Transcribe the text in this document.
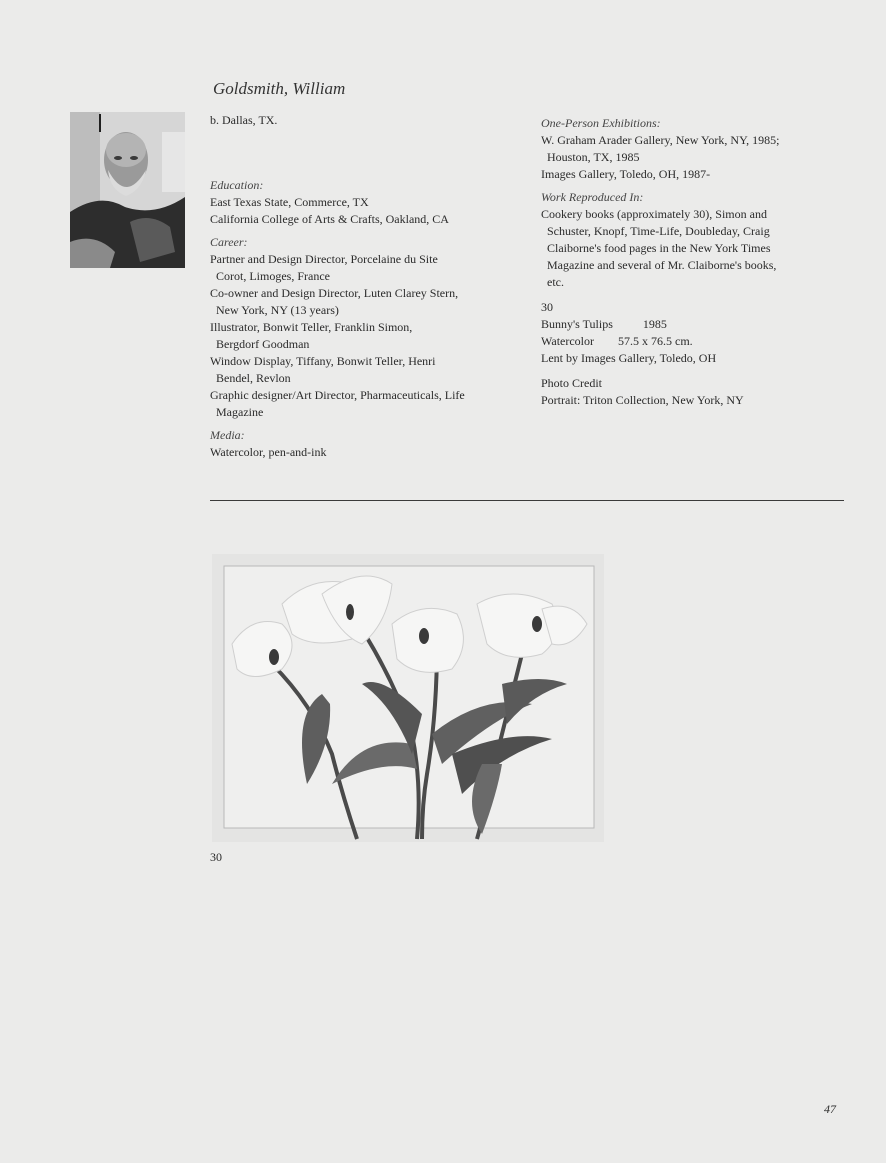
Goldsmith, William

b. Dallas, TX.

Education:

East Texas State, Commerce, TX

California College of Arts & Crafts, Oakland, CA

Career:

Partner and Design Director, Porcelaine du Site

Corot, Limoges, France

Co-owner and Design Director, Luten Clarey Stern,

New York, NY (13 years)

Illustrator, Bonwit Teller, Franklin Simon,

Bergdorf Goodman

Window Display, Tiffany, Bonwit Teller, Henri

Bendel, Revlon

Graphic designer/Art Director, Pharmaceuticals, Life

Magazine

Media:

Watercolor, pen-and-ink

One-Person Exhibitions:

W. Graham Arader Gallery, New York, NY, 1985;

Houston, TX, 1985

Images Gallery, Toledo, OH, 1987-

Work Reproduced In:

Cookery books (approximately 30), Simon and

Schuster, Knopf, Time-Life, Doubleday, Craig

Claiborne's food pages in the New York Times

Magazine and several of Mr. Claiborne's books,

etc.

30

Bunny's Tulips	1985

Watercolor 57.5 x 76.5 cm.

Lent by Images Gallery, Toledo, OH

Photo Credit

Portrait: Triton Collection, New York, NY

30
47
